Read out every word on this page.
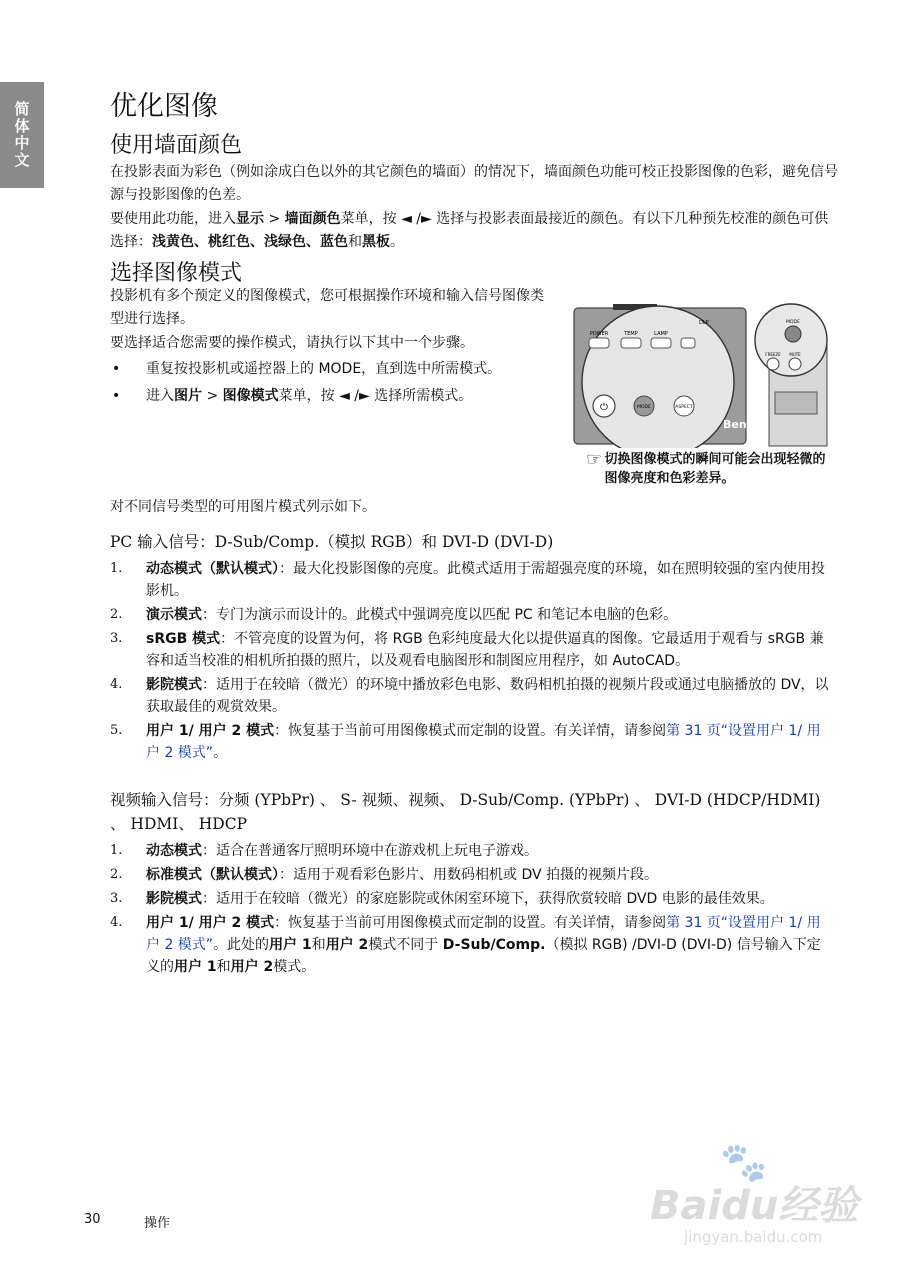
简体中文	优化图像
使用墙面颜色

在投影表面为彩色（例如涂成白色以外的其它颜色的墙面）的情况下，墙面颜色功能可校正投影图像的色彩，避免信号源与投影图像的色差。

要使用此功能，进入显示 > 墙面颜色菜单，按 ◄ /► 选择与投影表面最接近的颜色。有以下几种预先校准的颜色可供选择：浅黄色、桃红色、浅绿色、蓝色和黑板。

选择图像模式

投影机有多个预定义的图像模式，您可根据操作环境和输入信号图像类型进行选择。

要选择适合您需要的操作模式，请执行以下其中一个步骤。

• 重复按投影机或遥控器上的 MODE，直到选中所需模式。
• 进入图片 > 图像模式菜单，按 ◄ /► 选择所需模式。
POWER	TEMP	LAMP
DLP
⏻	MODE	ASPECT
BenQ
MODE
FREEZE MUTE
☞ 切换图像模式的瞬间可能会出现轻微的图像亮度和色彩差异。

对不同信号类型的可用图片模式列示如下。

PC 输入信号：D-Sub/Comp.（模拟 RGB）和 DVI-D (DVI-D)

1. 动态模式（默认模式）：最大化投影图像的亮度。此模式适用于需超强亮度的环境，如在照明较强的室内使用投影机。
2. 演示模式：专门为演示而设计的。此模式中强调亮度以匹配 PC 和笔记本电脑的色彩。
3. sRGB 模式：不管亮度的设置为何，将 RGB 色彩纯度最大化以提供逼真的图像。它最适用于观看与 sRGB 兼容和适当校准的相机所拍摄的照片，以及观看电脑图形和制图应用程序，如 AutoCAD。
4. 影院模式：适用于在较暗（微光）的环境中播放彩色电影、数码相机拍摄的视频片段或通过电脑播放的 DV，以获取最佳的观赏效果。
5. 用户 1/ 用户 2 模式：恢复基于当前可用图像模式而定制的设置。有关详情，请参阅第 31 页“设置用户 1/ 用户 2 模式”。

视频输入信号：分频 (YPbPr) 、 S- 视频、视频、 D-Sub/Comp. (YPbPr) 、 DVI-D (HDCP/HDMI) 、 HDMI、 HDCP

1. 动态模式：适合在普通客厅照明环境中在游戏机上玩电子游戏。
2. 标准模式（默认模式）：适用于观看彩色影片、用数码相机或 DV 拍摄的视频片段。
3. 影院模式：适用于在较暗（微光）的家庭影院或休闲室环境下，获得欣赏较暗 DVD 电影的最佳效果。
4. 用户 1/ 用户 2 模式：恢复基于当前可用图像模式而定制的设置。有关详情，请参阅第 31 页“设置用户 1/ 用户 2 模式”。此处的用户 1和用户 2模式不同于 D-Sub/Comp.（模拟 RGB) /DVI-D (DVI-D) 信号输入下定义的用户 1和用户 2模式。
30	操作
🐾
Baidu经验
jingyan.baidu.com
